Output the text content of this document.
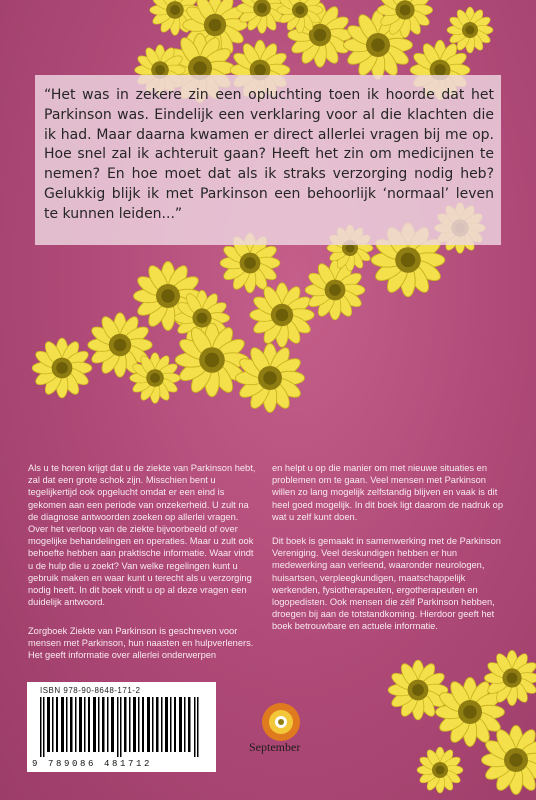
“Het was in zekere zin een opluchting toen ik hoorde dat het Parkinson was. Eindelijk een verklaring voor al die klachten die ik had. Maar daarna kwamen er direct allerlei vragen bij me op. Hoe snel zal ik achteruit gaan? Heeft het zin om medicijnen te nemen? En hoe moet dat als ik straks verzorging nodig heb? Gelukkig blijk ik met Parkinson een behoorlijk ‘normaal’ leven te kunnen leiden...”

Als u te horen krijgt dat u de ziekte van Parkinson hebt, zal dat een grote schok zijn. Misschien bent u tegelijkertijd ook opgelucht omdat er een eind is gekomen aan een periode van onzekerheid. U zult na de diagnose antwoorden zoeken op allerlei vragen. Over het verloop van de ziekte bijvoorbeeld of over mogelijke behandelingen en operaties. Maar u zult ook behoefte hebben aan praktische informatie. Waar vindt u de hulp die u zoekt? Van welke regelingen kunt u gebruik maken en waar kunt u terecht als u verzorging nodig heeft. In dit boek vindt u op al deze vragen een duidelijk antwoord.

Zorgboek Ziekte van Parkinson is geschreven voor mensen met Parkinson, hun naasten en hulpverleners. Het geeft informatie over allerlei onderwerpen

en helpt u op die manier om met nieuwe situaties en problemen om te gaan. Veel mensen met Parkinson willen zo lang mogelijk zelfstandig blijven en vaak is dit heel goed mogelijk. In dit boek ligt daarom de nadruk op wat u zelf kunt doen.

Dit boek is gemaakt in samenwerking met de Parkinson Vereniging. Veel deskundigen hebben er hun medewerking aan verleend, waaronder neurologen, huisartsen, verpleegkundigen, maatschappelijk werkenden, fysiotherapeuten, ergotherapeuten en logopedisten. Ook mensen die zélf Parkinson hebben, droegen bij aan de totstandkoming. Hierdoor geeft het boek betrouwbare en actuele informatie.

ISBN 978-90-8648-171-2
9 789086 481712
September
